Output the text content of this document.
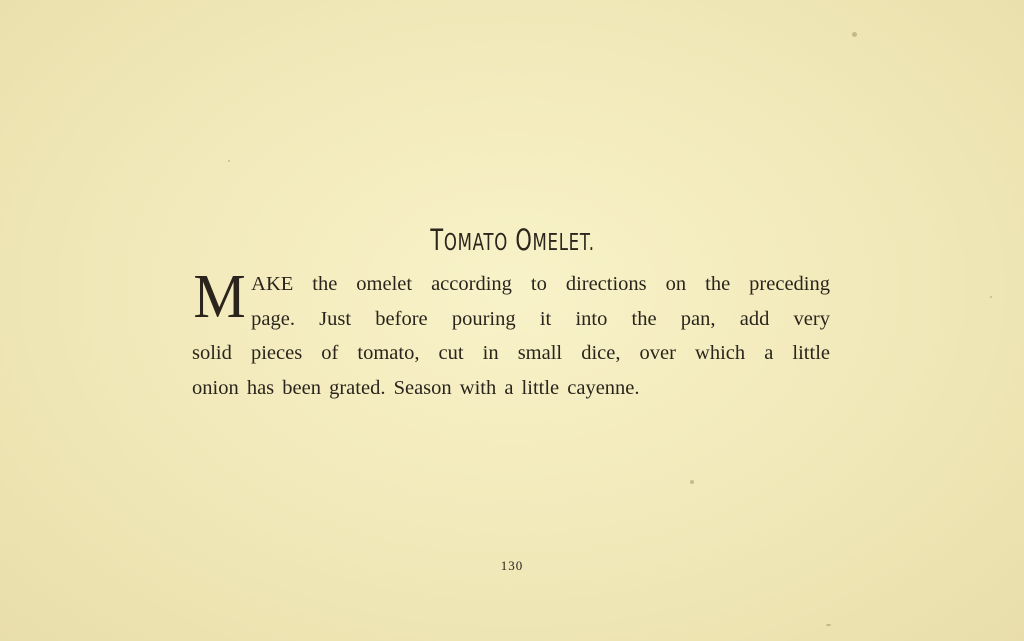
TOMATO OMELET.
M AKE the omelet according to directions on the preceding
page. Just before pouring it into the pan, add very
solid pieces of tomato, cut in small dice, over which a little
onion has been grated. Season with a little cayenne.
130
